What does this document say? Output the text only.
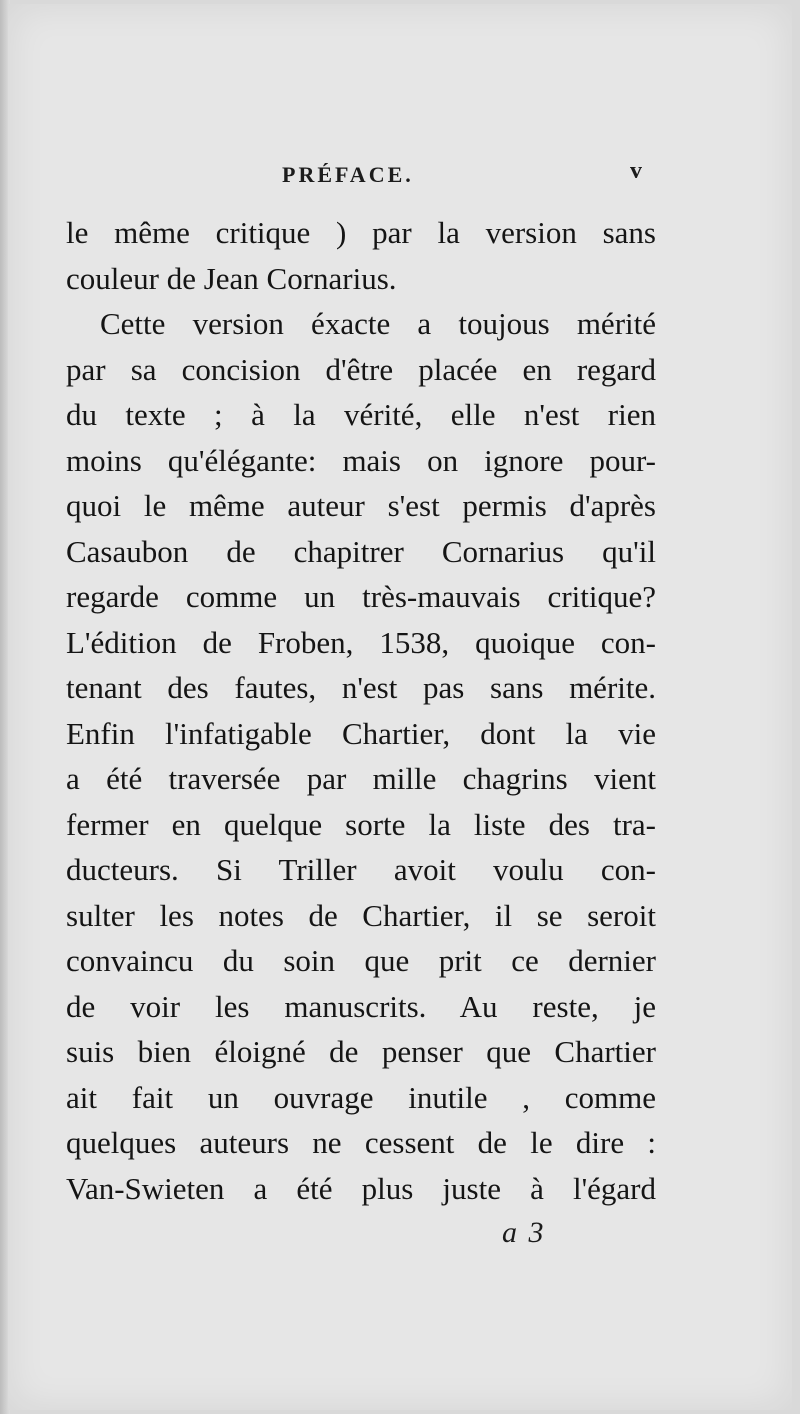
PRÉFACE.	v
le même critique ) par la version sans
couleur de Jean Cornarius.
Cette version éxacte a toujous mérité
par sa concision d'être placée en regard
du texte ; à la vérité, elle n'est rien
moins qu'élégante: mais on ignore pour-
quoi le même auteur s'est permis d'après
Casaubon de chapitrer Cornarius qu'il
regarde comme un très-mauvais critique?
L'édition de Froben, 1538, quoique con-
tenant des fautes, n'est pas sans mérite.
Enfin l'infatigable Chartier, dont la vie
a été traversée par mille chagrins vient
fermer en quelque sorte la liste des tra-
ducteurs. Si Triller avoit voulu con-
sulter les notes de Chartier, il se seroit
convaincu du soin que prit ce dernier
de voir les manuscrits. Au reste, je
suis bien éloigné de penser que Chartier
ait fait un ouvrage inutile , comme
quelques auteurs ne cessent de le dire :
Van-Swieten a été plus juste à l'égard
a 3
